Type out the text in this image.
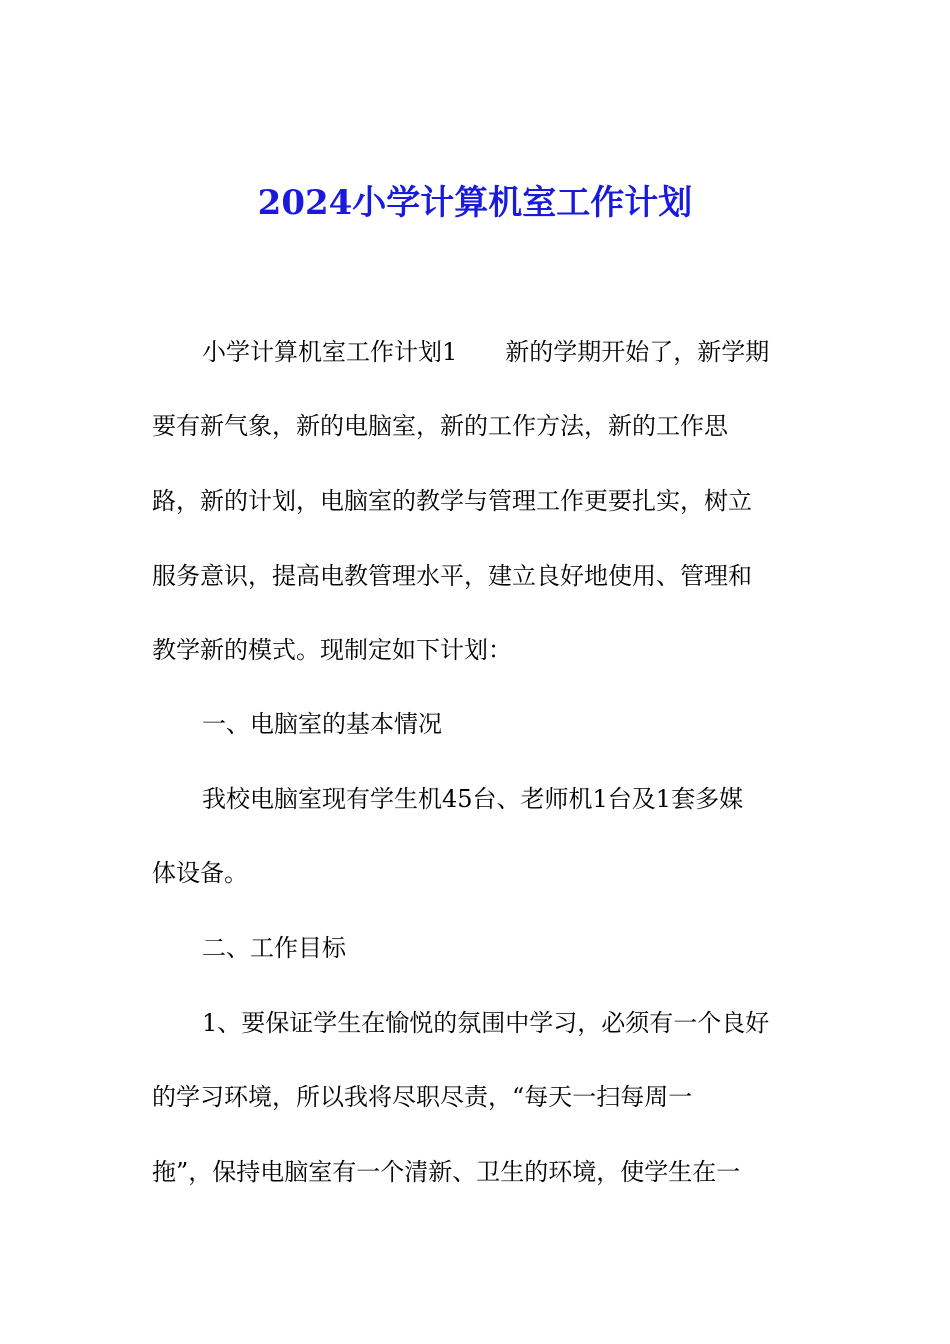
2024小学计算机室工作计划
小学计算机室工作计划1　　新的学期开始了，新学期
要有新气象，新的电脑室，新的工作方法，新的工作思
路，新的计划，电脑室的教学与管理工作更要扎实，树立
服务意识，提高电教管理水平，建立良好地使用、管理和
教学新的模式。现制定如下计划：
一、电脑室的基本情况
我校电脑室现有学生机45台、老师机1台及1套多媒
体设备。
二、工作目标
1、要保证学生在愉悦的氛围中学习，必须有一个良好
的学习环境，所以我将尽职尽责，“每天一扫每周一
拖”，保持电脑室有一个清新、卫生的环境，使学生在一
